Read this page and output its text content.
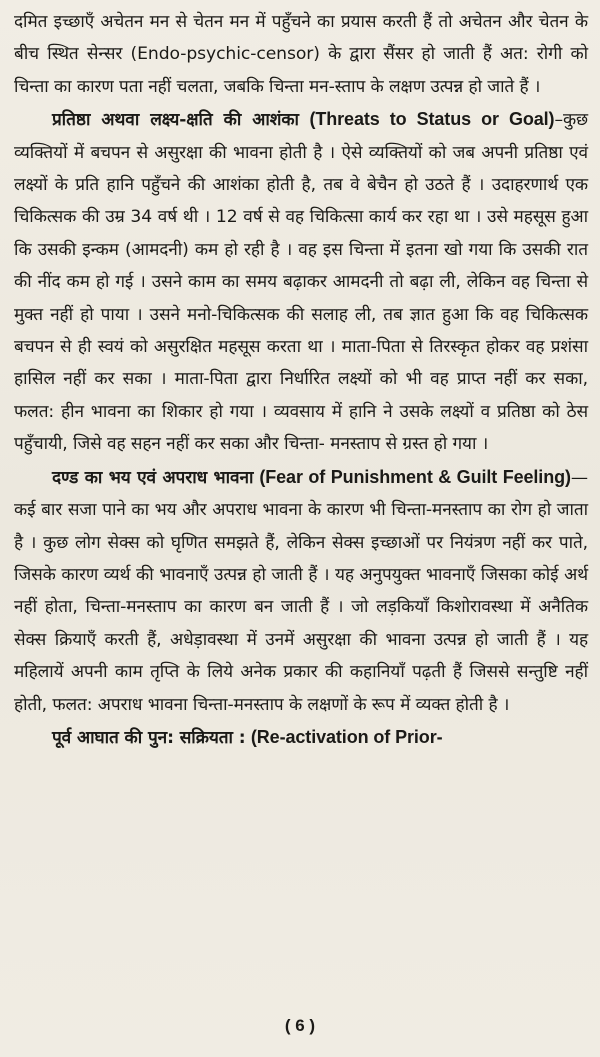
दमित इच्छाएँ अचेतन मन से चेतन मन में पहुँचने का प्रयास करती हैं तो अचेतन और चेतन के बीच स्थित सेन्सर (Endo-psychic-censor) के द्वारा सैंसर हो जाती हैं अत: रोगी को चिन्ता का कारण पता नहीं चलता, जबकि चिन्ता मन-स्ताप के लक्षण उत्पन्न हो जाते हैं ।

प्रतिष्ठा अथवा लक्ष्य-क्षति की आशंका (Threats to Status or Goal)–कुछ व्यक्तियों में बचपन से असुरक्षा की भावना होती है । ऐसे व्यक्तियों को जब अपनी प्रतिष्ठा एवं लक्ष्यों के प्रति हानि पहुँचने की आशंका होती है, तब वे बेचैन हो उठते हैं । उदाहरणार्थ एक चिकित्सक की उम्र 34 वर्ष थी । 12 वर्ष से वह चिकित्सा कार्य कर रहा था । उसे महसूस हुआ कि उसकी इन्कम (आमदनी) कम हो रही है । वह इस चिन्ता में इतना खो गया कि उसकी रात की नींद कम हो गई । उसने काम का समय बढ़ाकर आमदनी तो बढ़ा ली, लेकिन वह चिन्ता से मुक्त नहीं हो पाया । उसने मनो-चिकित्सक की सलाह ली, तब ज्ञात हुआ कि वह चिकित्सक बचपन से ही स्वयं को असुरक्षित महसूस करता था । माता-पिता से तिरस्कृत होकर वह प्रशंसा हासिल नहीं कर सका । माता-पिता द्वारा निर्धारित लक्ष्यों को भी वह प्राप्त नहीं कर सका, फलत: हीन भावना का शिकार हो गया । व्यवसाय में हानि ने उसके लक्ष्यों व प्रतिष्ठा को ठेस पहुँचायी, जिसे वह सहन नहीं कर सका और चिन्ता- मनस्ताप से ग्रस्त हो गया ।

दण्ड का भय एवं अपराध भावना (Fear of Punishment & Guilt Feeling)—कई बार सजा पाने का भय और अपराध भावना के कारण भी चिन्ता-मनस्ताप का रोग हो जाता है । कुछ लोग सेक्स को घृणित समझते हैं, लेकिन सेक्स इच्छाओं पर नियंत्रण नहीं कर पाते, जिसके कारण व्यर्थ की भावनाएँ उत्पन्न हो जाती हैं । यह अनुपयुक्त भावनाएँ जिसका कोई अर्थ नहीं होता, चिन्ता-मनस्ताप का कारण बन जाती हैं । जो लड़कियाँ किशोरावस्था में अनैतिक सेक्स क्रियाएँ करती हैं, अधेड़ावस्था में उनमें असुरक्षा की भावना उत्पन्न हो जाती हैं । यह महिलायें अपनी काम तृप्ति के लिये अनेक प्रकार की कहानियाँ पढ़ती हैं जिससे सन्तुष्टि नहीं होती, फलत: अपराध भावना चिन्ता-मनस्ताप के लक्षणों के रूप में व्यक्त होती है ।

पूर्व आघात की पुन: सक्रियता : (Re-activation of Prior-

( 6 )
